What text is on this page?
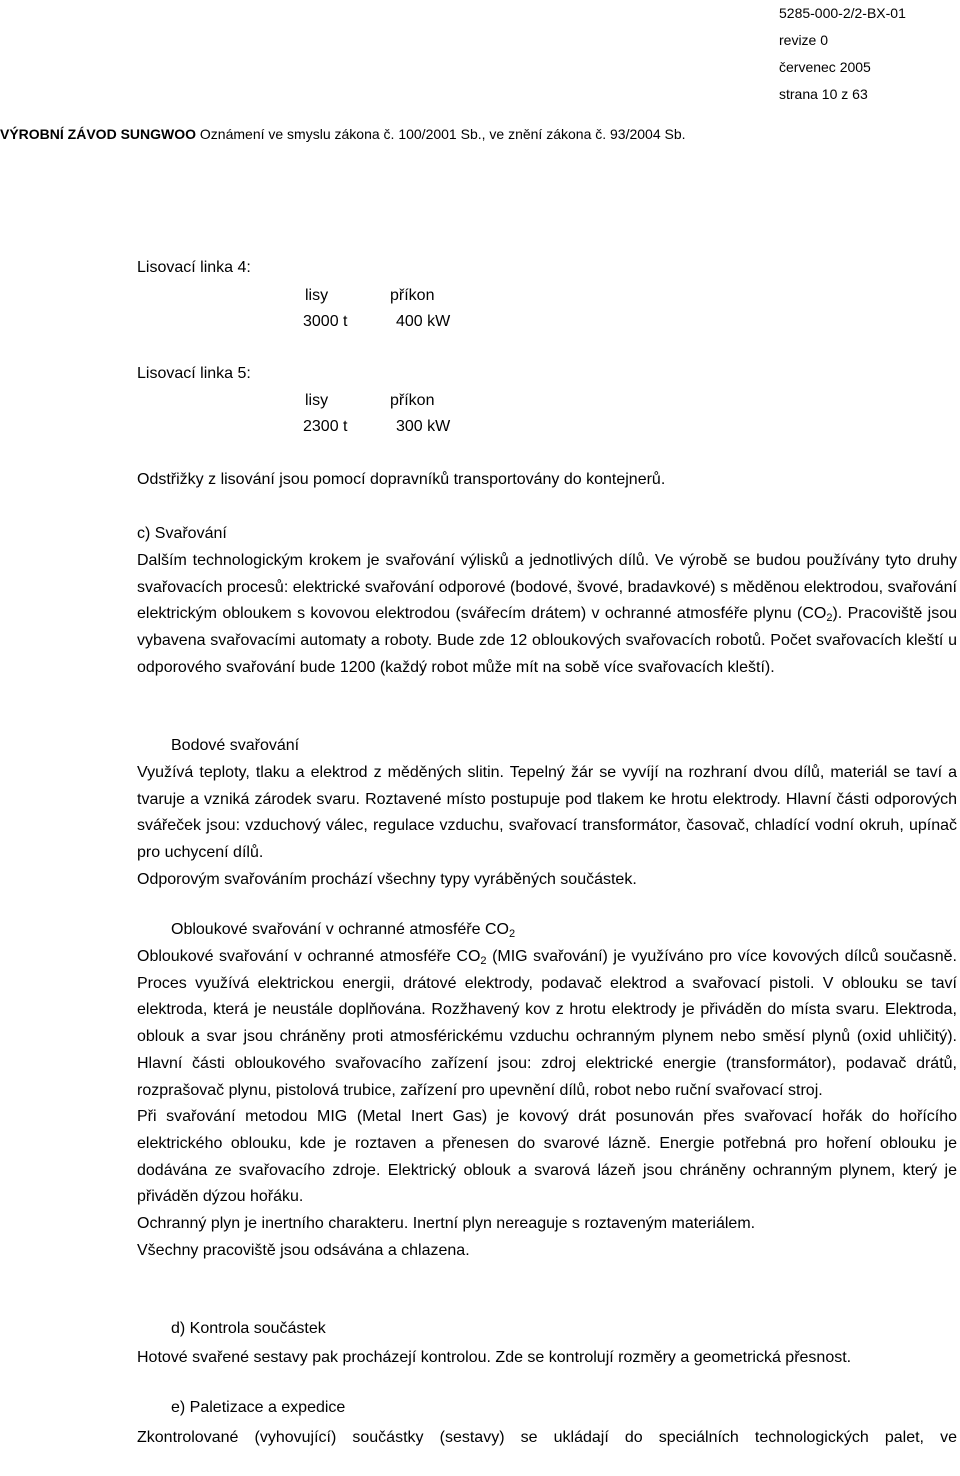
5285-000-2/2-BX-01
revize 0
červenec 2005
strana 10 z 63
VÝROBNÍ ZÁVOD SUNGWOO Oznámení ve smyslu zákona č. 100/2001 Sb., ve znění zákona č. 93/2004 Sb.
Lisovací linka 4:
lisy	příkon
3000 t	400 kW
Lisovací linka 5:
lisy	příkon
2300 t	300 kW
Odstřižky z lisování jsou pomocí dopravníků transportovány do kontejnerů.
c) Svařování

Dalším technologickým krokem je svařování výlisků a jednotlivých dílů. Ve výrobě se budou používány tyto druhy svařovacích procesů: elektrické svařování odporové (bodové, švové, bradavkové) s měděnou elektrodou, svařování elektrickým obloukem s kovovou elektrodou (svářecím drátem) v ochranné atmosféře plynu $(CO_2)$. Pracoviště jsou vybavena svařovacími automaty a roboty. Bude zde 12 obloukových svařovacích robotů. Počet svařovacích kleští u odporového svařování bude 1200 (každý robot může mít na sobě více svařovacích kleští).

Bodové svařování

Využívá teploty, tlaku a elektrod z měděných slitin. Tepelný žár se vyvíjí na rozhraní dvou dílů, materiál se taví a tvaruje a vzniká zárodek svaru. Roztavené místo postupuje pod tlakem ke hrotu elektrody. Hlavní části odporových svářeček jsou: vzduchový válec, regulace vzduchu, svařovací transformátor, časovač, chladící vodní okruh, upínač pro uchycení dílů.

Odporovým svařováním prochází všechny typy vyráběných součástek.

Obloukové svařování v ochranné atmosféře $CO_2$

Obloukové svařování v ochranné atmosféře $CO_2$ (MIG svařování) je využíváno pro více kovových dílců současně. Proces využívá elektrickou energii, drátové elektrody, podavač elektrod a svařovací pistoli. V oblouku se taví elektroda, která je neustále doplňována. Rozžhavený kov z hrotu elektrody je přiváděn do místa svaru. Elektroda, oblouk a svar jsou chráněny proti atmosférickému vzduchu ochranným plynem nebo směsí plynů (oxid uhličitý). Hlavní části obloukového svařovacího zařízení jsou: zdroj elektrické energie (transformátor), podavač drátů, rozprašovač plynu, pistolová trubice, zařízení pro upevnění dílů, robot nebo ruční svařovací stroj.

Při svařování metodou MIG (Metal Inert Gas) je kovový drát posunován přes svařovací hořák do hořícího elektrického oblouku, kde je roztaven a přenesen do svarové lázně. Energie potřebná pro hoření oblouku je dodávána ze svařovacího zdroje. Elektrický oblouk a svarová lázeň jsou chráněny ochranným plynem, který je přiváděn dýzou hořáku.

Ochranný plyn je inertního charakteru. Inertní plyn nereaguje s roztaveným materiálem.

Všechny pracoviště jsou odsávána a chlazena.

d) Kontrola součástek
Hotové svařené sestavy pak procházejí kontrolou. Zde se kontrolují rozměry a geometrická přesnost.
e) Paletizace a expedice

Zkontrolované (vyhovující) součástky (sestavy) se ukládají do speciálních technologických palet, ve
